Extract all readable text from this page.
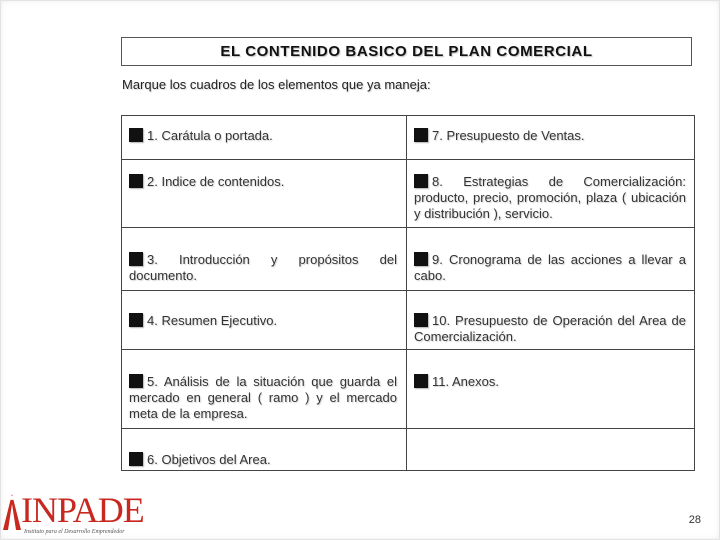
EL CONTENIDO BASICO DEL PLAN COMERCIAL
Marque los cuadros de los elementos que ya maneja:
1. Carátula o portada.
2. Indice de contenidos.
3. Introducción y propósitos del documento.
4. Resumen Ejecutivo.
5. Análisis de la situación que guarda el mercado en general ( ramo ) y el mercado meta de la empresa.
6. Objetivos del Area.
7. Presupuesto de Ventas.
8. Estrategias de Comercialización: producto, precio, promoción, plaza ( ubicación y distribución ), servicio.
9. Cronograma de las acciones a llevar a cabo.
10. Presupuesto de Operación del Area de Comercialización.
11. Anexos.
INPADE
Instituto para el Desarrollo Emprendedor
28
